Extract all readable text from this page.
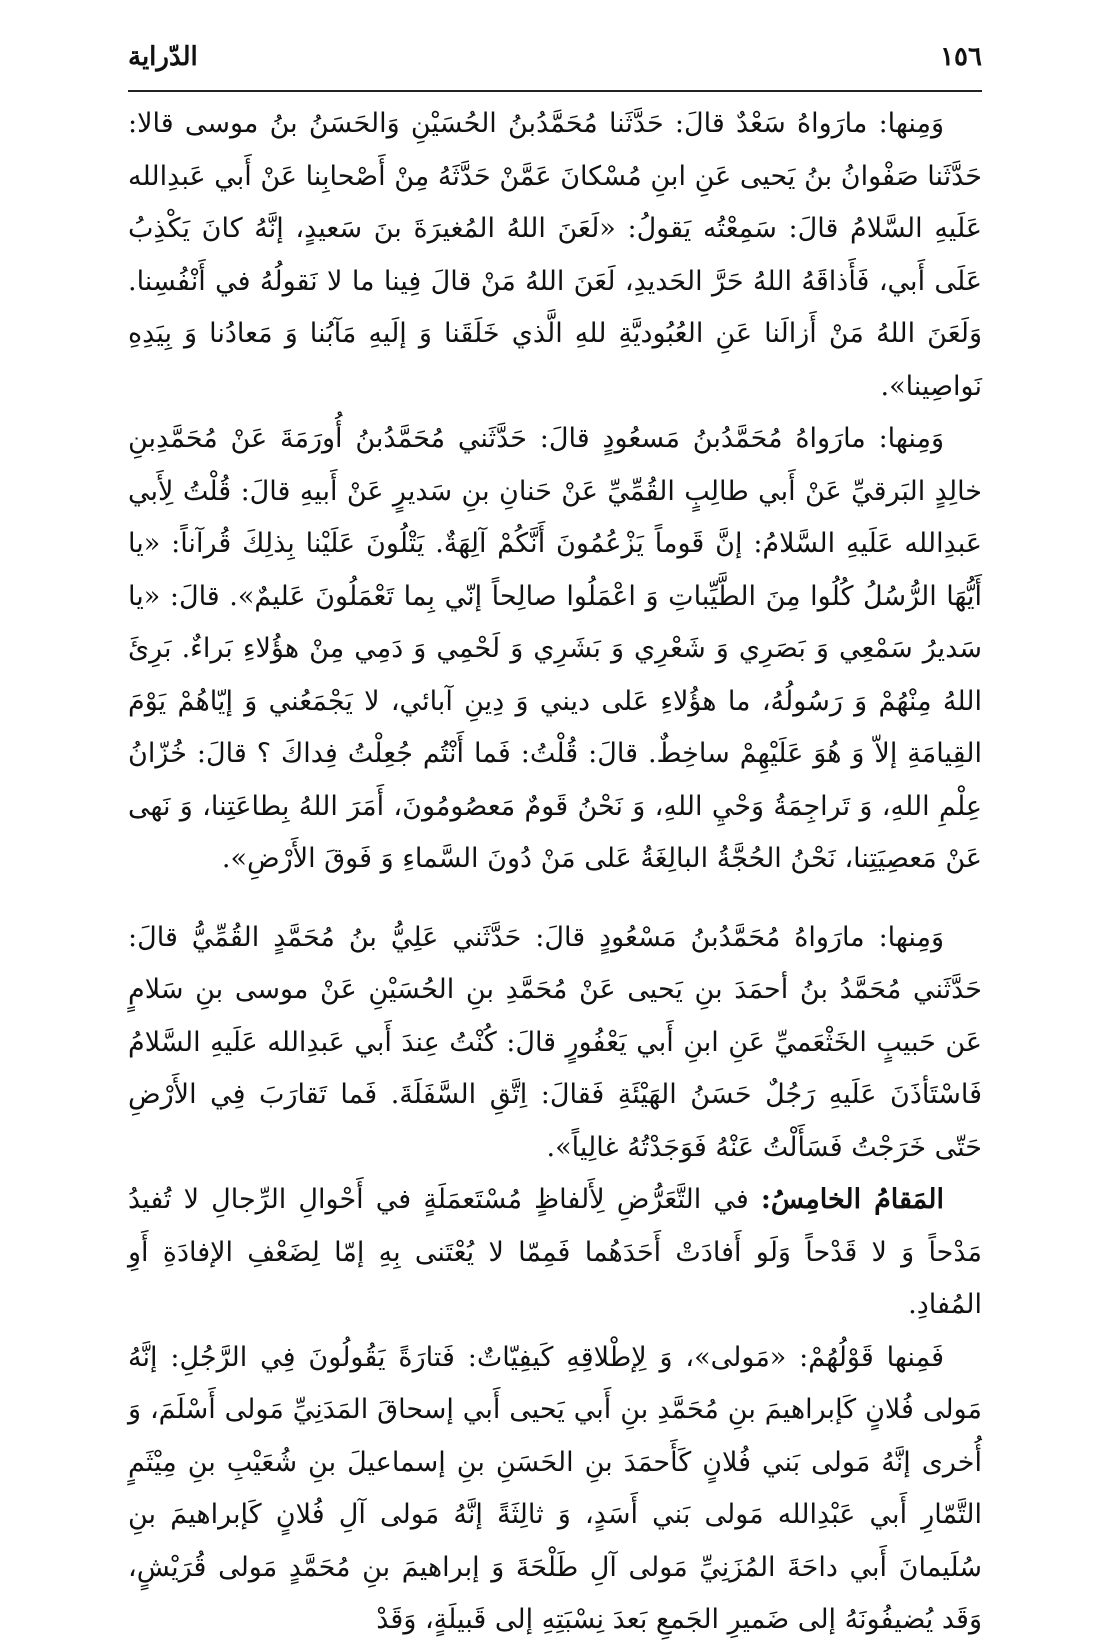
١٥٦
الدّراية

وَمِنها: مارَواهُ سَعْدٌ قالَ: حَدَّثَنا مُحَمَّدُبنُ الحُسَيْنِ وَالحَسَنُ بنُ موسى قالا: حَدَّثَنا صَفْوانُ بنُ يَحيى عَنِ ابنِ مُسْكانَ عَمَّنْ حَدَّثَهُ مِنْ أَصْحابِنا عَنْ أَبي عَبدِالله عَلَيهِ السَّلامُ قالَ: سَمِعْتُه يَقولُ: «لَعَنَ اللهُ المُغيرَةَ بنَ سَعيدٍ، إنَّهُ كانَ يَكْذِبُ عَلَى أَبي، فَأَذاقَهُ اللهُ حَرَّ الحَديدِ، لَعَنَ اللهُ مَنْ قالَ فِينا ما لا نَقولُهُ في أَنْفُسِنا. وَلَعَنَ اللهُ مَنْ أَزالَنا عَنِ العُبُوديَّةِ للهِ الَّذي خَلَقَنا وَ إلَيهِ مَآبُنا وَ مَعادُنا وَ بِيَدِهِ نَواصِينا».

وَمِنها: مارَواهُ مُحَمَّدُبنُ مَسعُودٍ قالَ: حَدَّثَني مُحَمَّدُبنُ أُورَمَةَ عَنْ مُحَمَّدِبنِ خالِدٍ البَرقيِّ عَنْ أَبي طالِبٍ القُمِّيِّ عَنْ حَنانِ بنِ سَديرٍ عَنْ أَبيهِ قالَ: قُلْتُ لِأَبي عَبدِالله عَلَيهِ السَّلامُ: إنَّ قَوماً يَزْعُمُونَ أَنَّكُمْ آلِهَةٌ. يَتْلُونَ عَلَيْنا بِذلِكَ قُرآناً: «يا أَيُّهَا الرُّسُلُ كُلُوا مِنَ الطَّيِّباتِ وَ اعْمَلُوا صالِحاً إنّي بِما تَعْمَلُونَ عَليمٌ». قالَ: «يا سَديرُ سَمْعِي وَ بَصَرِي وَ شَعْرِي وَ بَشَرِي وَ لَحْمِي وَ دَمِي مِنْ هؤُلاءِ بَراءٌ. بَرِئَ اللهُ مِنْهُمْ وَ رَسُولُهُ، ما هؤُلاءِ عَلى ديني وَ دِينِ آبائي، لا يَجْمَعُني وَ إيّاهُمْ يَوْمَ القِيامَةِ إلاّ وَ هُوَ عَلَيْهِمْ ساخِطٌ. قالَ: قُلْتُ: فَما أَنْتُم جُعِلْتُ فِداكَ ؟ قالَ: خُزّانُ عِلْمِ اللهِ، وَ تَراجِمَةُ وَحْيِ اللهِ، وَ نَحْنُ قَومٌ مَعصُومُونَ، أَمَرَ اللهُ بِطاعَتِنا، وَ نَهى عَنْ مَعصِيَتِنا، نَحْنُ الحُجَّةُ البالِغَةُ عَلى مَنْ دُونَ السَّماءِ وَ فَوقَ الأَرْضِ».

وَمِنها: مارَواهُ مُحَمَّدُبنُ مَسْعُودٍ قالَ: حَدَّثَني عَلِيُّ بنُ مُحَمَّدٍ القُمِّيُّ قالَ: حَدَّثَني مُحَمَّدُ بنُ أحمَدَ بنِ يَحيى عَنْ مُحَمَّدِ بنِ الحُسَيْنِ عَنْ موسى بنِ سَلامٍ عَن حَبيبٍ الخَثْعَميِّ عَنِ ابنِ أَبي يَعْفُورٍ قالَ: كُنْتُ عِندَ أَبي عَبدِالله عَلَيهِ السَّلامُ فَاسْتَأذَنَ عَلَيهِ رَجُلٌ حَسَنُ الهَيْئَةِ فَقالَ: اِتَّقِ السَّفَلَةَ. فَما تَقارَبَ فِي الأَرْضِ حَتّى خَرَجْتُ فَسَأَلْتُ عَنْهُ فَوَجَدْتُهُ غالِياً».

المَقامُ الخامِسُ: في التَّعَرُّضِ لِأَلفاظٍ مُسْتَعمَلَةٍ في أَحْوالِ الرِّجالِ لا تُفيدُ مَدْحاً وَ لا قَدْحاً وَلَو أَفادَتْ أَحَدَهُما فَمِمّا لا يُعْتَنى بِهِ إمّا لِضَعْفِ الإفادَةِ أَوِ المُفادِ.

فَمِنها قَوْلُهُمْ: «مَولى»، وَ لِإطْلاقِهِ كَيفِيّاتٌ: فَتارَةً يَقُولُونَ فِي الرَّجُلِ: إنَّهُ مَولى فُلانٍ كَإبراهيمَ بنِ مُحَمَّدِ بنِ أَبي يَحيى أَبي إسحاقَ المَدَنِيِّ مَولى أَسْلَمَ، وَ أُخرى إنَّهُ مَولى بَني فُلانٍ كَأَحمَدَ بنِ الحَسَنِ بنِ إسماعيلَ بنِ شُعَيْبِ بنِ مِيْثَمٍ التَّمّارِ أَبي عَبْدِالله مَولى بَني أَسَدٍ، وَ ثالِثَةً إنَّهُ مَولى آلِ فُلانٍ كَإبراهيمَ بنِ سُلَيمانَ أَبي داحَةَ المُزَنِيِّ مَولى آلِ طَلْحَةَ وَ إبراهيمَ بنِ مُحَمَّدٍ مَولى قُرَيْشٍ، وَقَد يُضيفُونَهُ إلى ضَميرِ الجَمعِ بَعدَ نِسْبَتِهِ إلى قَبيلَةٍ، وَقَدْ
